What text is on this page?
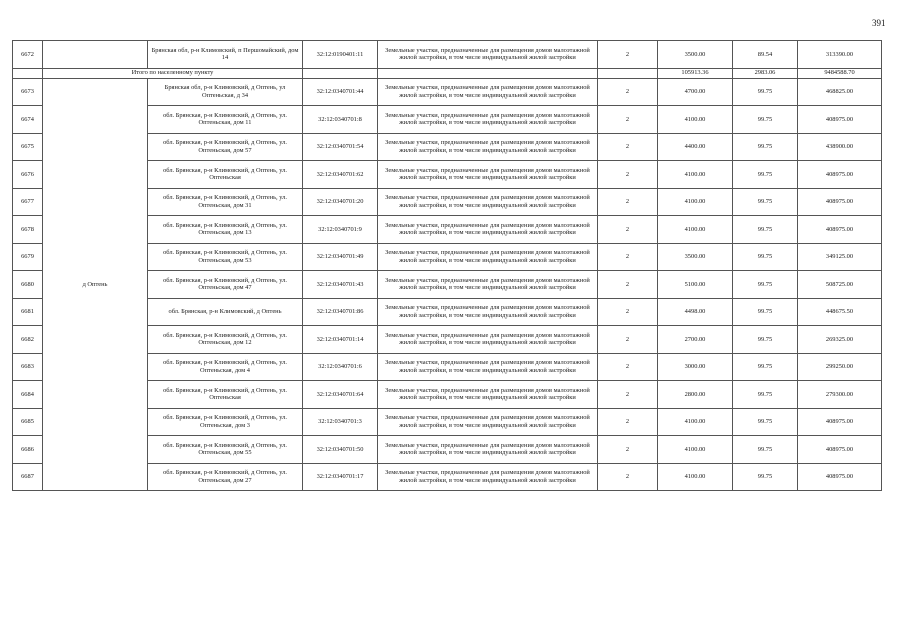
391
6672		Брянская обл, р-н Климовский, п Першомайский, дом 14	32:12:0190401:11	Земельные участки, предназначенные для размещения домов малоэтажной жилой застройки, в том числе индивидуальной жилой застройки	2	3500.00	89.54	313390.00
	Итого по населенному пункту					105913.36	2983.06	9484588.70
6673	д Оптень	Брянская обл, р-н Климовский, д Оптень, ул Оптеньская, д 34	32:12:0340701:44	Земельные участки, предназначенные для размещения домов малоэтажной жилой застройки, в том числе индивидуальной жилой застройки	2	4700.00	99.75	468825.00
6674		обл. Брянская, р-н Климовский, д Оптень, ул. Оптеньская, дом 11	32:12:0340701:8	Земельные участки, предназначенные для размещения домов малоэтажной жилой застройки, в том числе индивидуальной жилой застройки	2	4100.00	99.75	408975.00
6675		обл. Брянская, р-н Климовский, д Оптень, ул. Оптеньская, дом 57	32:12:0340701:54	Земельные участки, предназначенные для размещения домов малоэтажной жилой застройки, в том числе индивидуальной жилой застройки	2	4400.00	99.75	438900.00
6676		обл. Брянская, р-н Климовский, д Оптень, ул. Оптеньская	32:12:0340701:62	Земельные участки, предназначенные для размещения домов малоэтажной жилой застройки, в том числе индивидуальной жилой застройки	2	4100.00	99.75	408975.00
6677		обл. Брянская, р-н Климовский, д Оптень, ул. Оптеньская, дом 31	32:12:0340701:20	Земельные участки, предназначенные для размещения домов малоэтажной жилой застройки, в том числе индивидуальной жилой застройки	2	4100.00	99.75	408975.00
6678		обл. Брянская, р-н Климовский, д Оптень, ул. Оптеньская, дом 13	32:12:0340701:9	Земельные участки, предназначенные для размещения домов малоэтажной жилой застройки, в том числе индивидуальной жилой застройки	2	4100.00	99.75	408975.00
6679		обл. Брянская, р-н Климовский, д Оптень, ул. Оптеньская, дом 53	32:12:0340701:49	Земельные участки, предназначенные для размещения домов малоэтажной жилой застройки, в том числе индивидуальной жилой застройки	2	3500.00	99.75	349125.00
6680		обл. Брянская, р-н Климовский, д Оптень, ул. Оптеньская, дом 47	32:12:0340701:43	Земельные участки, предназначенные для размещения домов малоэтажной жилой застройки, в том числе индивидуальной жилой застройки	2	5100.00	99.75	508725.00
6681		обл. Брянская, р-н Климовский, д Оптень	32:12:0340701:86	Земельные участки, предназначенные для размещения домов малоэтажной жилой застройки, в том числе индивидуальной жилой застройки	2	4498.00	99.75	448675.50
6682		обл. Брянская, р-н Климовский, д Оптень, ул. Оптеньская, дом 12	32:12:0340701:14	Земельные участки, предназначенные для размещения домов малоэтажной жилой застройки, в том числе индивидуальной жилой застройки	2	2700.00	99.75	269325.00
6683		обл. Брянская, р-н Климовский, д Оптень, ул. Оптеньская, дом 4	32:12:0340701:6	Земельные участки, предназначенные для размещения домов малоэтажной жилой застройки, в том числе индивидуальной жилой застройки	2	3000.00	99.75	299250.00
6684		обл. Брянская, р-н Климовский, д Оптень, ул. Оптеньская	32:12:0340701:64	Земельные участки, предназначенные для размещения домов малоэтажной жилой застройки, в том числе индивидуальной жилой застройки	2	2800.00	99.75	279300.00
6685		обл. Брянская, р-н Климовский, д Оптень, ул. Оптеньская, дом 3	32:12:0340701:3	Земельные участки, предназначенные для размещения домов малоэтажной жилой застройки, в том числе индивидуальной жилой застройки	2	4100.00	99.75	408975.00
6686		обл. Брянская, р-н Климовский, д Оптень, ул. Оптеньская, дом 55	32:12:0340701:50	Земельные участки, предназначенные для размещения домов малоэтажной жилой застройки, в том числе индивидуальной жилой застройки	2	4100.00	99.75	408975.00
6687		обл. Брянская, р-н Климовский, д Оптень, ул. Оптеньская, дом 27	32:12:0340701:17	Земельные участки, предназначенные для размещения домов малоэтажной жилой застройки, в том числе индивидуальной жилой застройки	2	4100.00	99.75	408975.00
